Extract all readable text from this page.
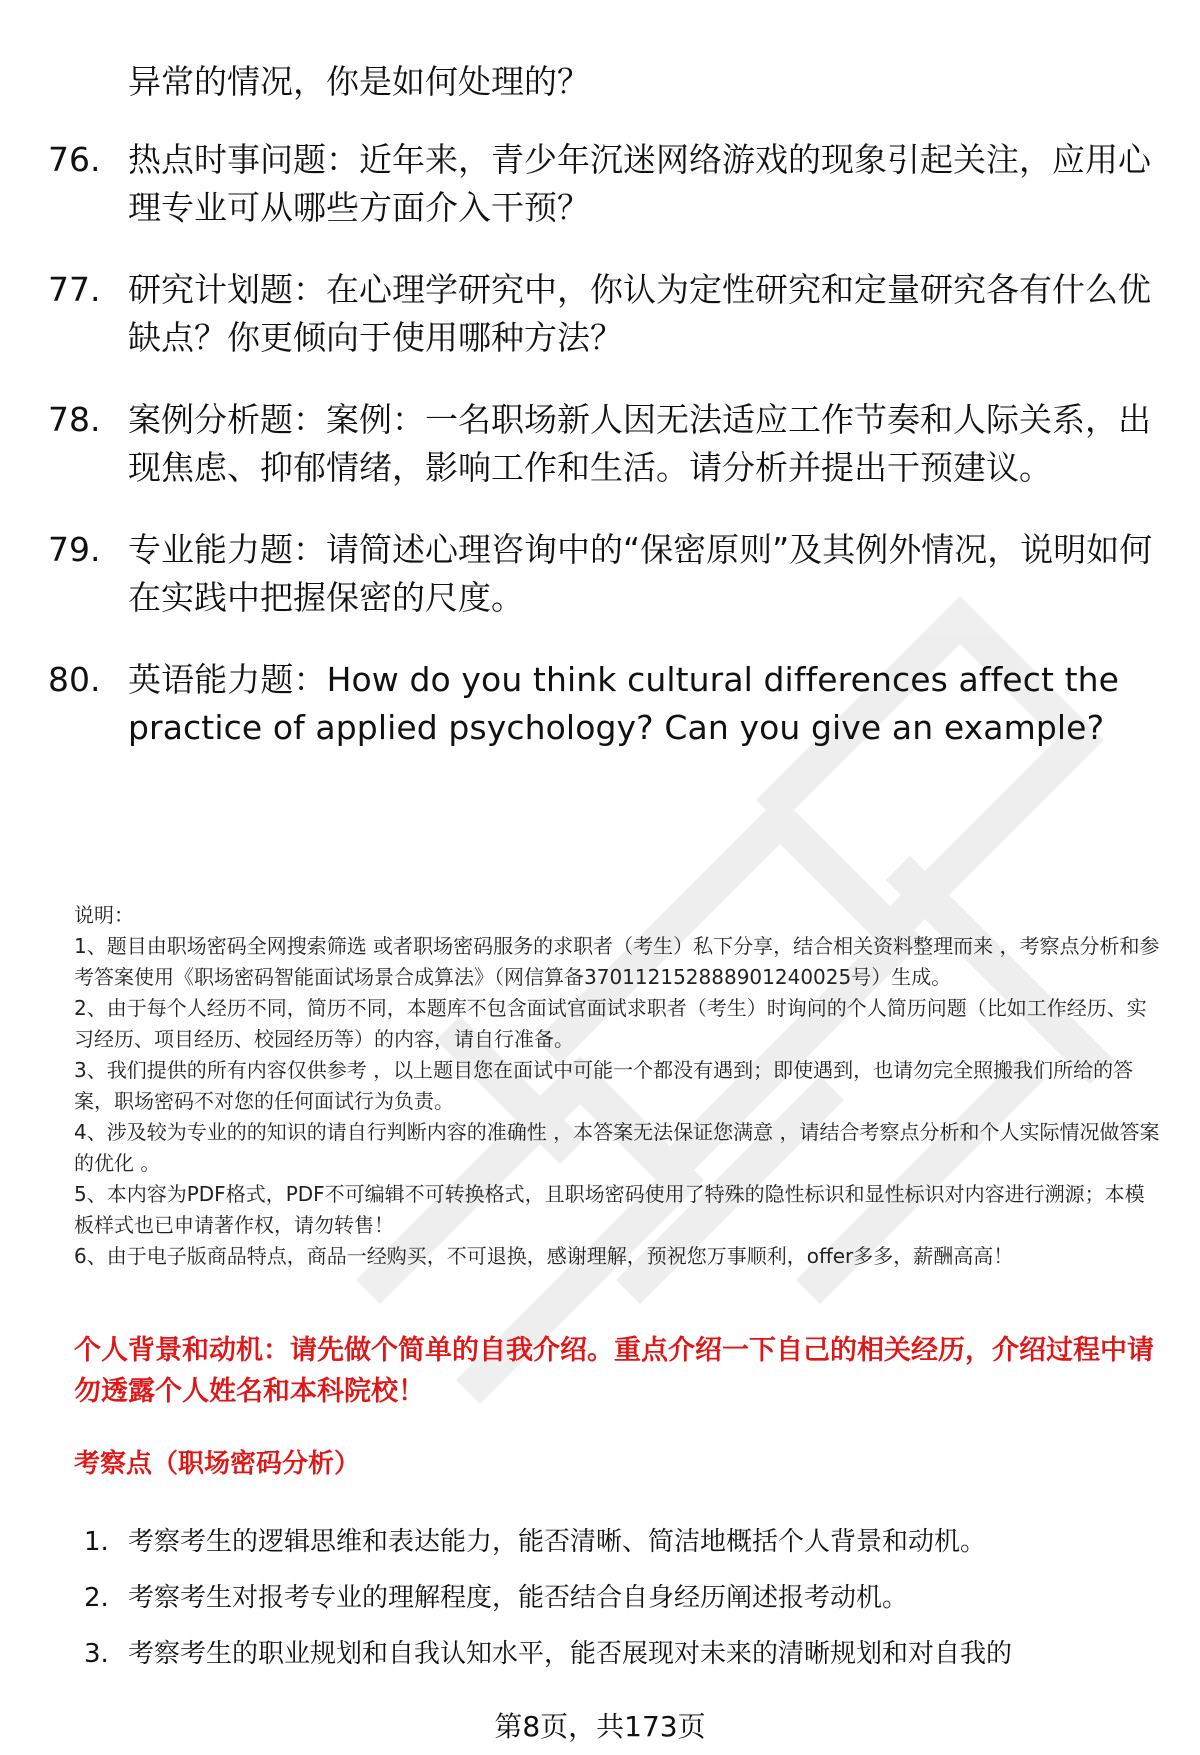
异常的情况，你是如何处理的？
76. 热点时事问题：近年来，青少年沉迷网络游戏的现象引起关注，应用心理专业可从哪些方面介入干预？
77. 研究计划题：在心理学研究中，你认为定性研究和定量研究各有什么优缺点？你更倾向于使用哪种方法？
78. 案例分析题：案例：一名职场新人因无法适应工作节奏和人际关系，出现焦虑、抑郁情绪，影响工作和生活。请分析并提出干预建议。
79. 专业能力题：请简述心理咨询中的“保密原则”及其例外情况，说明如何在实践中把握保密的尺度。
80. 英语能力题：How do you think cultural differences affect the practice of applied psychology? Can you give an example?

说明：

1、题目由职场密码全网搜索筛选 或者职场密码服务的求职者（考生）私下分享，结合相关资料整理而来 ，考察点分析和参考答案使用《职场密码智能面试场景合成算法》（网信算备370112152888901240025号）生成。

2、由于每个人经历不同，简历不同，本题库不包含面试官面试求职者（考生）时询问的个人简历问题（比如工作经历、实习经历、项目经历、校园经历等）的内容，请自行准备。

3、我们提供的所有内容仅供参考 ，以上题目您在面试中可能一个都没有遇到；即使遇到，也请勿完全照搬我们所给的答案，职场密码不对您的任何面试行为负责。

4、涉及较为专业的的知识的请自行判断内容的准确性 ，本答案无法保证您满意 ，请结合考察点分析和个人实际情况做答案的优化 。

5、本内容为PDF格式，PDF不可编辑不可转换格式，且职场密码使用了特殊的隐性标识和显性标识对内容进行溯源；本模板样式也已申请著作权，请勿转售！

6、由于电子版商品特点，商品一经购买，不可退换，感谢理解，预祝您万事顺利，offer多多，薪酬高高！

个人背景和动机：请先做个简单的自我介绍。重点介绍一下自己的相关经历，介绍过程中请勿透露个人姓名和本科院校！
考察点（职场密码分析）
1. 考察考生的逻辑思维和表达能力，能否清晰、简洁地概括个人背景和动机。
2. 考察考生对报考专业的理解程度，能否结合自身经历阐述报考动机。
3. 考察考生的职业规划和自我认知水平，能否展现对未来的清晰规划和对自我的
第8页，共173页
